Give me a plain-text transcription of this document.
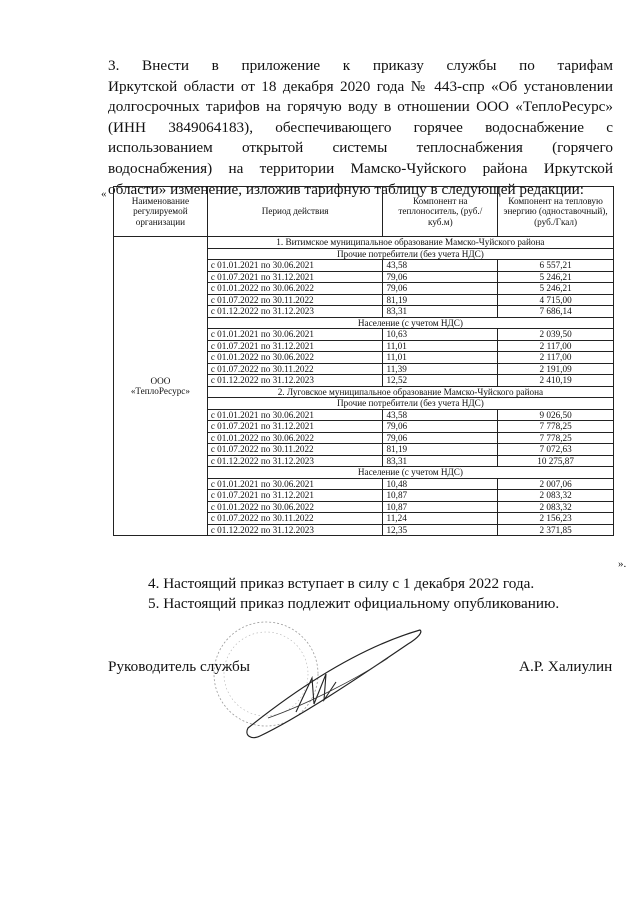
3. Внести в приложение к приказу службы по тарифам
Иркутской области от 18 декабря 2020 года № 443-спр «Об установлении
долгосрочных тарифов на горячую воду в отношении ООО «ТеплоРесурс»
(ИНН 3849064183), обеспечивающего горячее водоснабжение с
использованием открытой системы теплоснабжения (горячего
водоснабжения) на территории Мамско-Чуйского района Иркутской
области» изменение, изложив тарифную таблицу в следующей редакции:
«
Наименование регулируемой организации	Период действия	Компонент на теплоноситель, (руб./куб.м)	Компонент на тепловую энергию (одноставочный), (руб./Гкал)

ООО
«ТеплоРесурс»	1. Витимское муниципальное образование Мамско-Чуйского района		
	Прочие потребители (без учета НДС)		
	с 01.01.2021 по 30.06.2021	43,58	6 557,21
	с 01.07.2021 по 31.12.2021	79,06	5 246,21
	с 01.01.2022 по 30.06.2022	79,06	5 246,21
	с 01.07.2022 по 30.11.2022	81,19	4 715,00
	с 01.12.2022 по 31.12.2023	83,31	7 686,14
	Население (с учетом НДС)		
	с 01.01.2021 по 30.06.2021	10,63	2 039,50
	с 01.07.2021 по 31.12.2021	11,01	2 117,00
	с 01.01.2022 по 30.06.2022	11,01	2 117,00
	с 01.07.2022 по 30.11.2022	11,39	2 191,09
	с 01.12.2022 по 31.12.2023	12,52	2 410,19
	2. Луговское муниципальное образование Мамско-Чуйского района		
	Прочие потребители (без учета НДС)		
	с 01.01.2021 по 30.06.2021	43,58	9 026,50
	с 01.07.2021 по 31.12.2021	79,06	7 778,25
	с 01.01.2022 по 30.06.2022	79,06	7 778,25
	с 01.07.2022 по 30.11.2022	81,19	7 072,63
	с 01.12.2022 по 31.12.2023	83,31	10 275,87
	Население (с учетом НДС)		
	с 01.01.2021 по 30.06.2021	10,48	2 007,06
	с 01.07.2021 по 31.12.2021	10,87	2 083,32
	с 01.01.2022 по 30.06.2022	10,87	2 083,32
	с 01.07.2022 по 30.11.2022	11,24	2 156,23
	с 01.12.2022 по 31.12.2023	12,35	2 371,85
».
4. Настоящий приказ вступает в силу с 1 декабря 2022 года.
5. Настоящий приказ подлежит официальному опубликованию.
Руководитель службы	А.Р. Халиулин
